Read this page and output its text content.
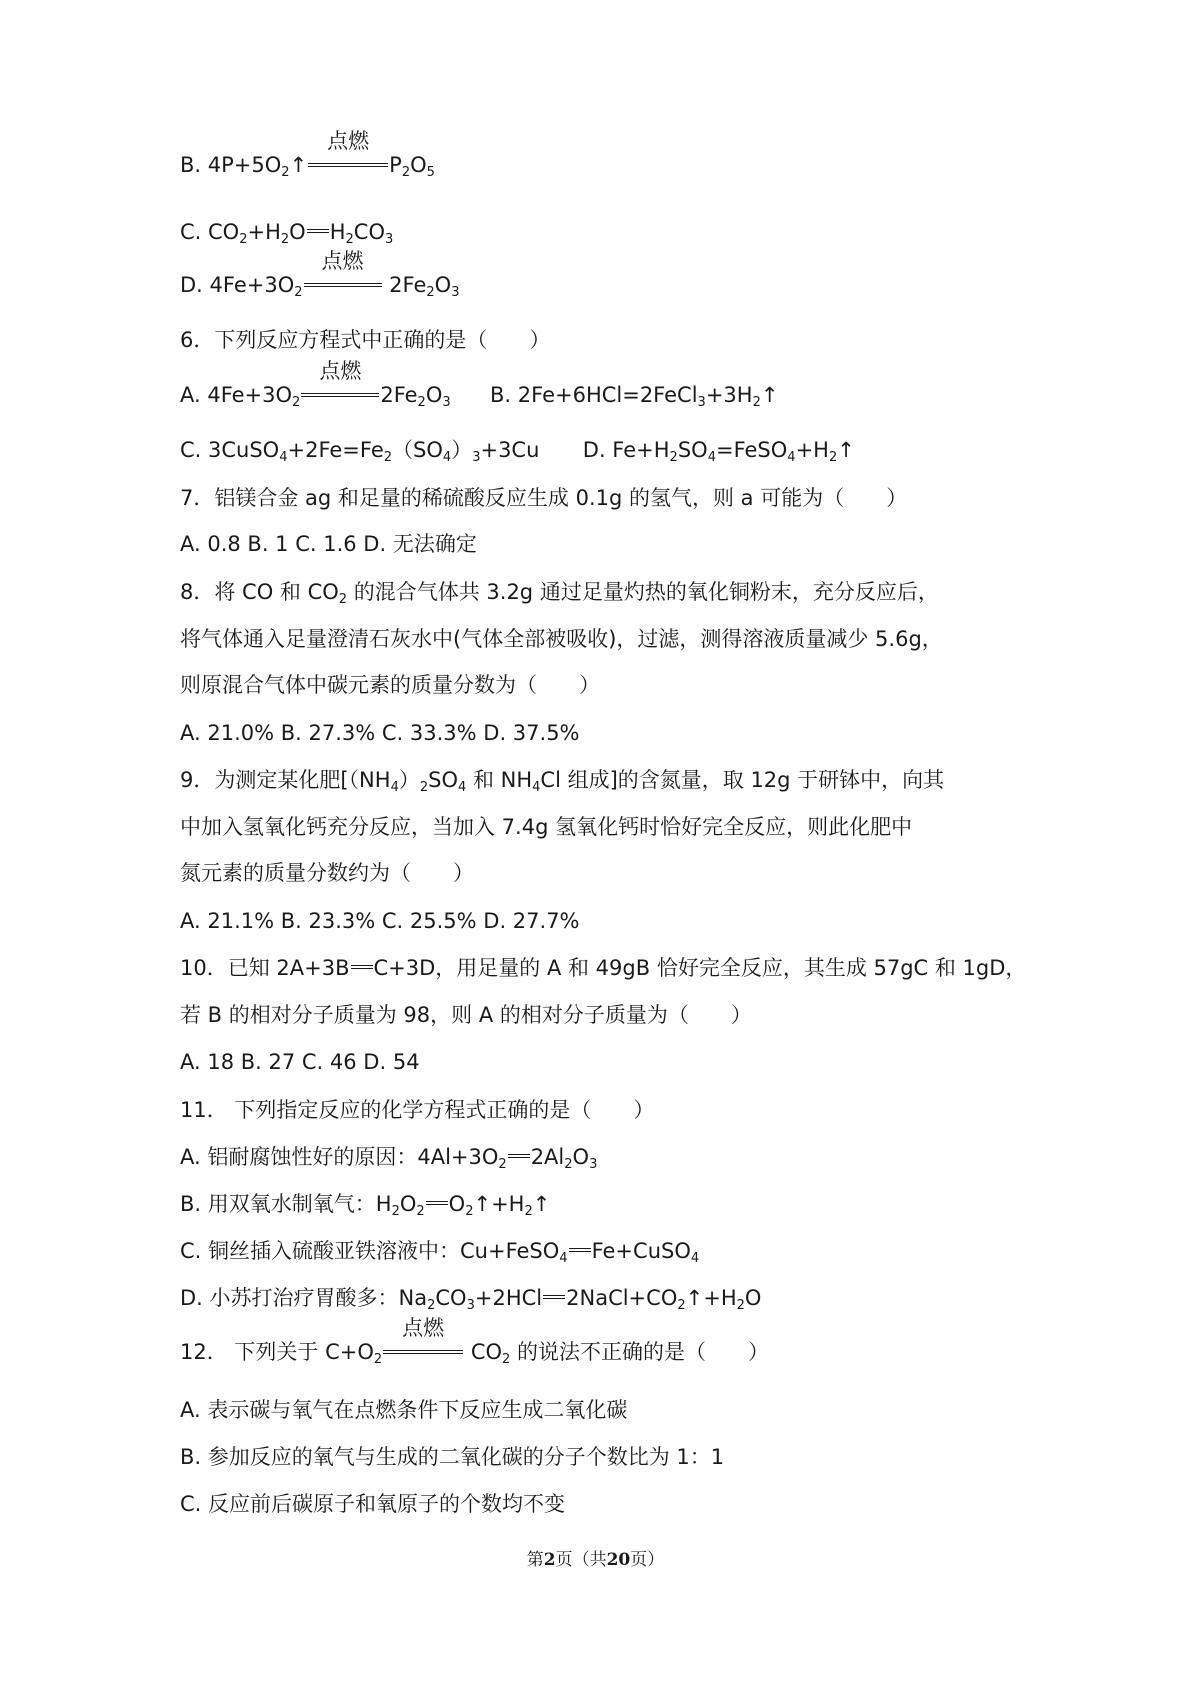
B. $4P+5O_2↑$
点燃
$P_2O_5$
C. $CO_2+H_2O$ $H_2CO_3$
D. $4Fe+3O_2$
点燃
$2Fe_2O_3$
6．下列反应方程式中正确的是（　　）
A. $4Fe+3O_2$
点燃
$2Fe_2O_3$ B. $2Fe+6HCl=2FeCl_3+3H_2↑$
C. $3CuSO_4+2Fe=Fe_2(SO_4)_3+3Cu$ D. $Fe+H_2SO_4=FeSO_4+H_2↑$
7．铝镁合金 ag 和足量的稀硫酸反应生成 0.1g 的氢气，则 a 可能为（　　）
A. 0.8 B. 1 C. 1.6 D. 无法确定
8．将 CO 和 $CO_2$ 的混合气体共 3.2g 通过足量灼热的氧化铜粉末，充分反应后，
将气体通入足量澄清石灰水中(气体全部被吸收)，过滤，测得溶液质量减少 5.6g，
则原混合气体中碳元素的质量分数为（　　）
A. 21.0% B. 27.3% C. 33.3% D. 37.5%
9．为测定某化肥[$(NH_4)_2SO_4$ 和 $NH_4Cl$ 组成]的含氮量，取 12g 于研钵中，向其
中加入氢氧化钙充分反应，当加入 7.4g 氢氧化钙时恰好完全反应，则此化肥中
氮元素的质量分数约为（　　）
A. 21.1% B. 23.3% C. 25.5% D. 27.7%
10．已知 2A+3B C+3D，用足量的 A 和 49gB 恰好完全反应，其生成 57gC 和 1gD，
若 B 的相对分子质量为 98，则 A 的相对分子质量为（　　）
A. 18 B. 27 C. 46 D. 54
11． 下列指定反应的化学方程式正确的是（　　）
A. 铝耐腐蚀性好的原因：$4Al+3O_2$ $2Al_2O_3$
B. 用双氧水制氧气：$H_2O_2$ $O_2↑+H_2↑$
C. 铜丝插入硫酸亚铁溶液中：Cu+FeSO$_4$ Fe+CuSO$_4$
D. 小苏打治疗胃酸多：$Na_2CO_3+2HCl$ $2NaCl+CO_2↑+H_2O$
12． 下列关于 $C+O_2$
点燃
$CO_2$ 的说法不正确的是（　　）
A. 表示碳与氧气在点燃条件下反应生成二氧化碳
B. 参加反应的氧气与生成的二氧化碳的分子个数比为 1：1
C. 反应前后碳原子和氧原子的个数均不变
第2页（共20页）
